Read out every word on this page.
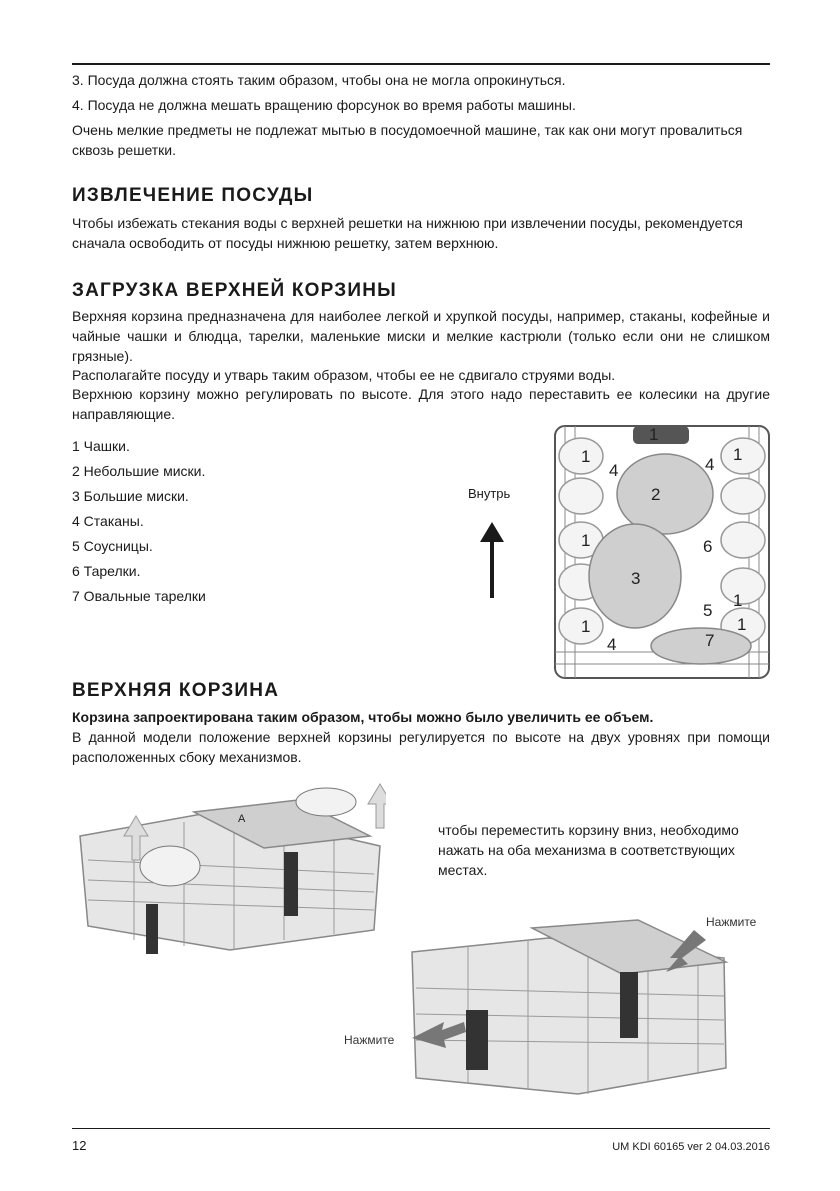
3. Посуда должна стоять таким образом, чтобы она не могла опрокинуться.

4. Посуда не должна мешать вращению форсунок во время работы машины.

Очень мелкие предметы не подлежат мытью в посудомоечной машине, так как они могут провалиться сквозь решетки.

ИЗВЛЕЧЕНИЕ ПОСУДЫ

Чтобы избежать стекания воды с верхней решетки на нижнюю при извлечении посуды, рекомендуется сначала освободить от посуды нижнюю решетку, затем верхнюю.

ЗАГРУЗКА ВЕРХНЕЙ КОРЗИНЫ

Верхняя корзина предназначена для наиболее легкой и хрупкой посуды, например, стаканы, кофейные и чайные чашки и блюдца, тарелки, маленькие миски и мелкие кастрюли (только если они не слишком грязные).

Располагайте посуду и утварь таким образом, чтобы ее не сдвигало струями воды.

Верхнюю корзину можно регулировать по высоте. Для этого надо переставить ее колесики на другие направляющие.

1 Чашки.
2 Небольшие миски.
3 Большие миски.
4 Стаканы.
5 Соусницы.
6 Тарелки.
7 Овальные тарелки
Внутрь
1
4
2
4
1
1
1
6
3
1
5
1
1
4	7
ВЕРХНЯЯ КОРЗИНА

Корзина запроектирована таким образом, чтобы можно было увеличить ее объем.

В данной модели положение верхней корзины регулируется по высоте на двух уровнях при помощи расположенных сбоку механизмов.

A

чтобы переместить корзину вниз, необходимо нажать на оба механизма в соответствующих местах.

Нажмите
Нажмите
12	UM KDI 60165 ver 2 04.03.2016
